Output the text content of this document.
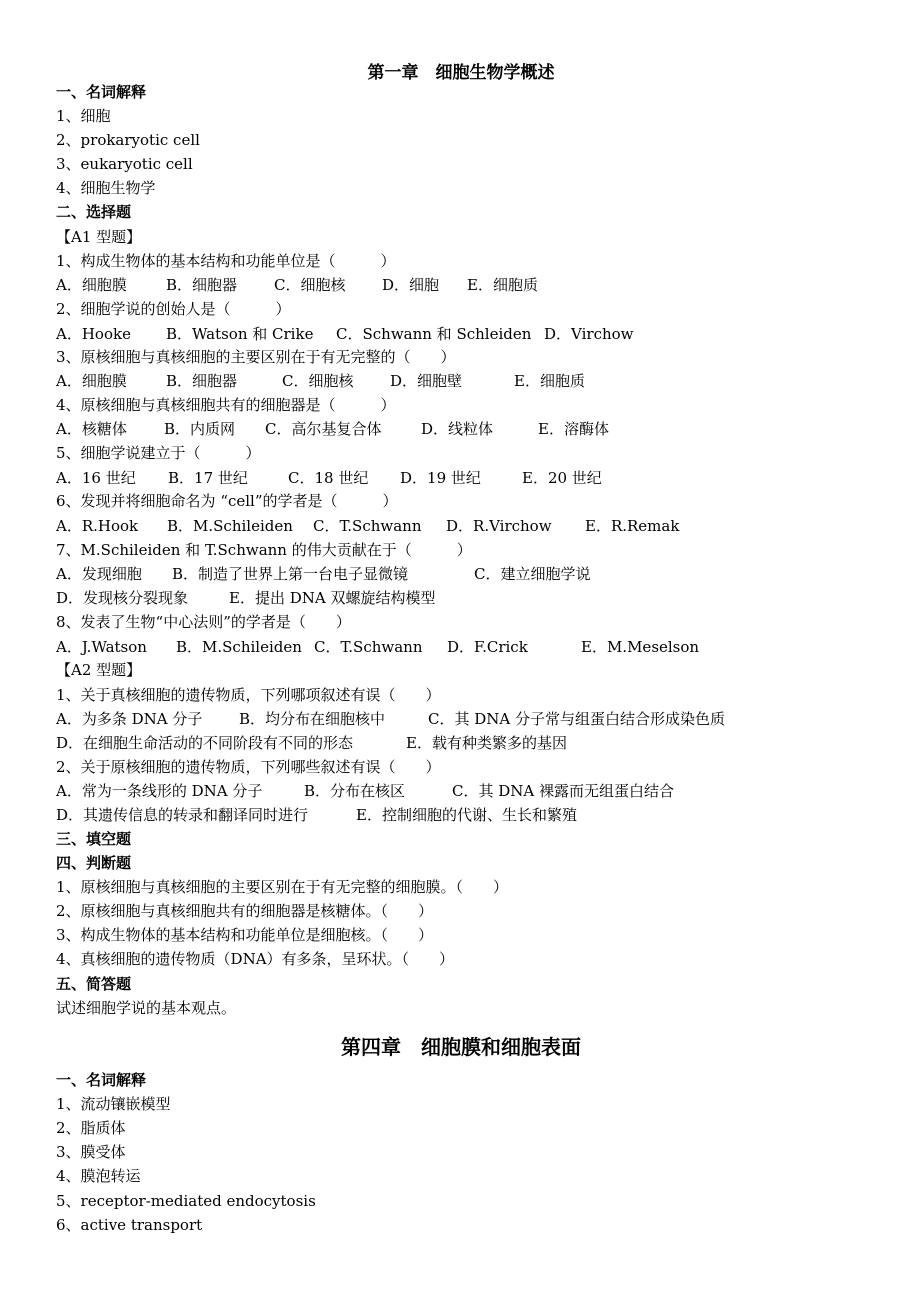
第一章　细胞生物学概述
一、名词解释
1、细胞
2、prokaryotic cell
3、eukaryotic cell
4、细胞生物学
二、选择题
【A1 型题】
1、构成生物体的基本结构和功能单位是（　　　）
A．细胞膜	B．细胞器 C．细胞核 D．细胞 E．细胞质
2、细胞学说的创始人是（　　　）
A．Hooke B．Watson 和 Crike C．Schwann 和 Schleiden D．Virchow
3、原核细胞与真核细胞的主要区别在于有无完整的（　　）
A．细胞膜	B．细胞器	C．细胞核 D．细胞壁	E．细胞质
4、原核细胞与真核细胞共有的细胞器是（　　　）
A．核糖体 B．内质网 C．高尔基复合体	D．线粒体	E．溶酶体
5、细胞学说建立于（　　　）
A．16 世纪 B．17 世纪	C．18 世纪 D．19 世纪	E．20 世纪
6、发现并将细胞命名为 “cell”的学者是（　　　）
A．R.Hook B．M.Schileiden C．T.Schwann D．R.Virchow E．R.Remak
7、M.Schileiden 和 T.Schwann 的伟大贡献在于（　　　）
A．发现细胞 B．制造了世界上第一台电子显微镜	C．建立细胞学说
D．发现核分裂现象	E．提出 DNA 双螺旋结构模型
8、发表了生物“中心法则”的学者是（　　）
A．J.Watson B．M.Schileiden C．T.Schwann D．F.Crick	E．M.Meselson
【A2 型题】
1、关于真核细胞的遗传物质，下列哪项叙述有误（　　）
A．为多条 DNA 分子 B．均分布在细胞核中	C．其 DNA 分子常与组蛋白结合形成染色质
D．在细胞生命活动的不同阶段有不同的形态	E．载有种类繁多的基因
2、关于原核细胞的遗传物质，下列哪些叙述有误（　　）
A．常为一条线形的 DNA 分子	B．分布在核区	C．其 DNA 裸露而无组蛋白结合
D．其遗传信息的转录和翻译同时进行	E．控制细胞的代谢、生长和繁殖
三、填空题
四、判断题
1、原核细胞与真核细胞的主要区别在于有无完整的细胞膜。（　　）
2、原核细胞与真核细胞共有的细胞器是核糖体。（　　）
3、构成生物体的基本结构和功能单位是细胞核。（　　）
4、真核细胞的遗传物质（DNA）有多条，呈环状。（　　）
五、简答题
试述细胞学说的基本观点。
第四章　细胞膜和细胞表面
一、名词解释
1、流动镶嵌模型
2、脂质体
3、膜受体
4、膜泡转运
5、receptor-mediated endocytosis
6、active transport
